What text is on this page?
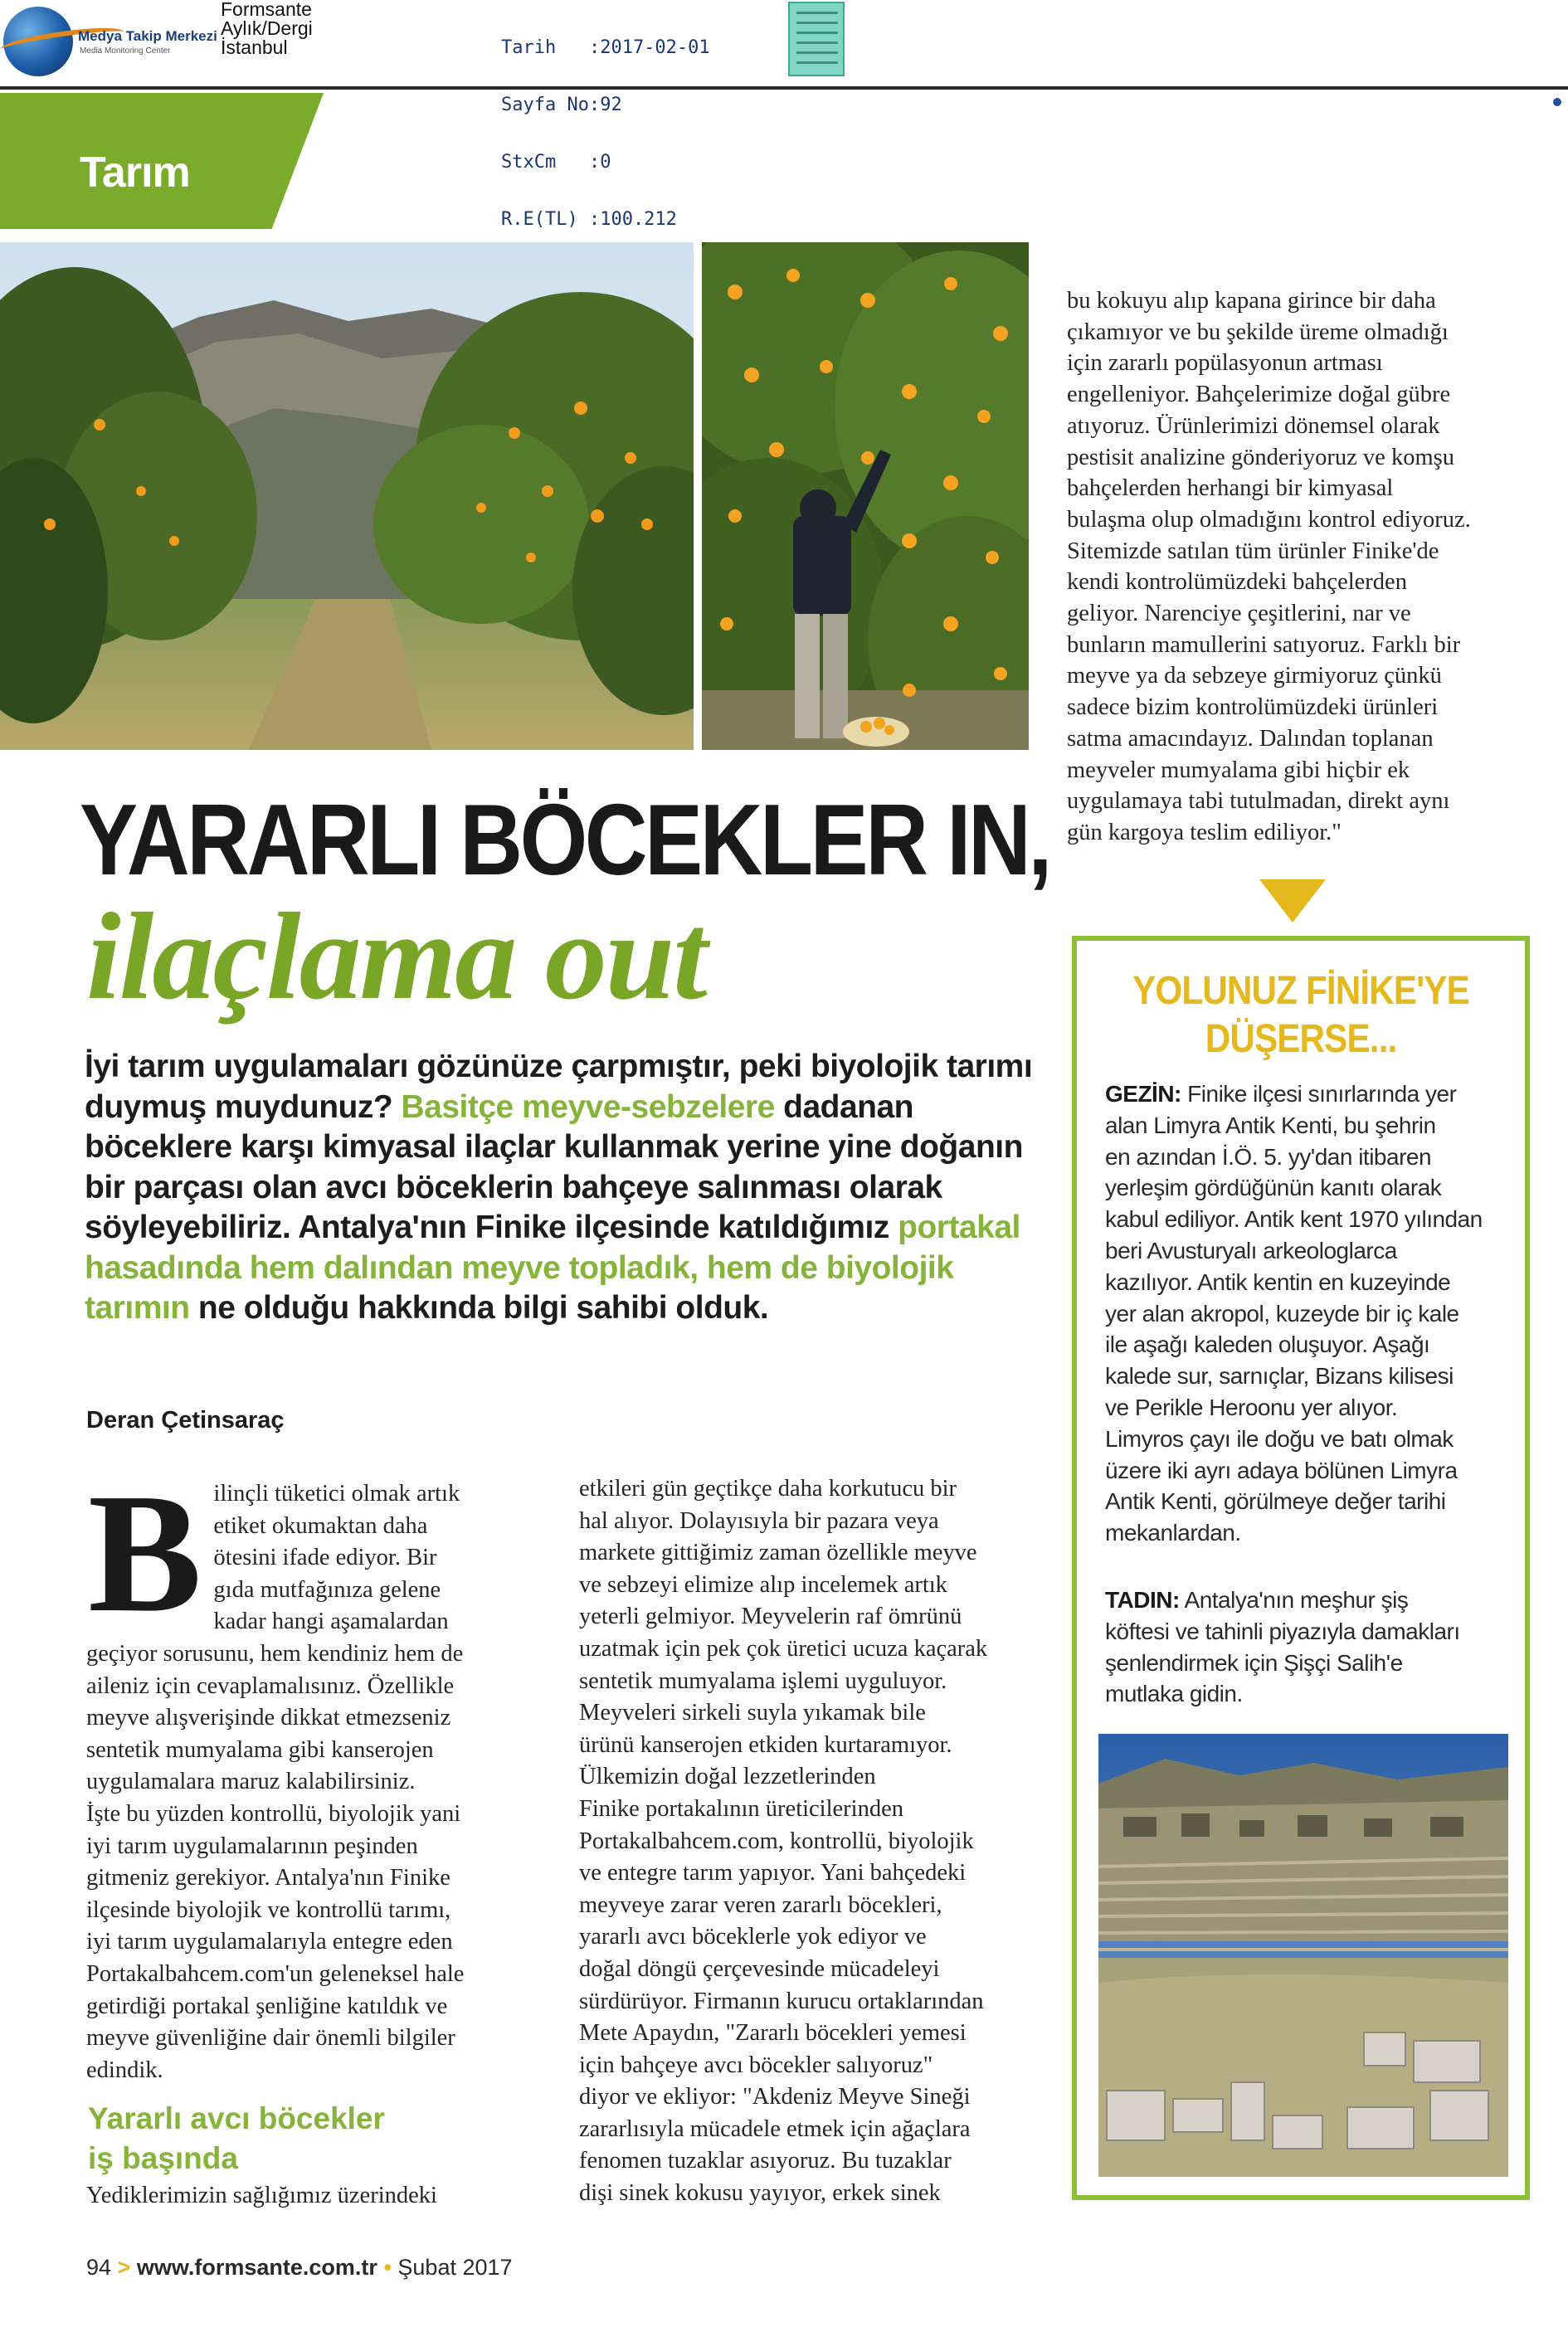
Medya Takip Merkezi
Media Monitoring Center
Formsante
Aylık/Dergi
İstanbul

	Tarih   :2017-02-01

Sayfa No:92

StxCm   :0

R.E(TL) :100.212

Tarım

bu kokuyu alıp kapana girince bir daha

çıkamıyor ve bu şekilde üreme olmadığı

için zararlı popülasyonun artması

engelleniyor. Bahçelerimize doğal gübre

atıyoruz. Ürünlerimizi dönemsel olarak

pestisit analizine gönderiyoruz ve komşu

bahçelerden herhangi bir kimyasal

bulaşma olup olmadığını kontrol ediyoruz.

Sitemizde satılan tüm ürünler Finike'de

kendi kontrolümüzdeki bahçelerden

geliyor. Narenciye çeşitlerini, nar ve

bunların mamullerini satıyoruz. Farklı bir

meyve ya da sebzeye girmiyoruz çünkü

sadece bizim kontrolümüzdeki ürünleri

satma amacındayız. Dalından toplanan

meyveler mumyalama gibi hiçbir ek

uygulamaya tabi tutulmadan, direkt aynı

gün kargoya teslim ediliyor."

YARARLI BÖCEKLER IN,
ilaçlama out
İyi tarım uygulamaları gözünüze çarpmıştır, peki biyolojik tarımı duymuş muydunuz? Basitçe meyve-sebzelere dadanan böceklere karşı kimyasal ilaçlar kullanmak yerine yine doğanın bir parçası olan avcı böceklerin bahçeye salınması olarak söyleyebiliriz. Antalya'nın Finike ilçesinde katıldığımız portakal hasadında hem dalından meyve topladık, hem de biyolojik tarımın ne olduğu hakkında bilgi sahibi olduk.
Deran Çetinsaraç
B ilinçli tüketici olmak artık
etiket okumaktan daha
ötesini ifade ediyor. Bir
gıda mutfağınıza gelene
kadar hangi aşamalardan
geçiyor sorusunu, hem kendiniz hem de
aileniz için cevaplamalısınız. Özellikle
meyve alışverişinde dikkat etmezseniz
sentetik mumyalama gibi kanserojen
uygulamalara maruz kalabilirsiniz.
İşte bu yüzden kontrollü, biyolojik yani
iyi tarım uygulamalarının peşinden
gitmeniz gerekiyor. Antalya'nın Finike
ilçesinde biyolojik ve kontrollü tarımı,
iyi tarım uygulamalarıyla entegre eden
Portakalbahcem.com'un geleneksel hale
getirdiği portakal şenliğine katıldık ve
meyve güvenliğine dair önemli bilgiler
edindik.
Yararlı avcı böcekler
iş başında
Yediklerimizin sağlığımız üzerindeki
etkileri gün geçtikçe daha korkutucu bir
hal alıyor. Dolayısıyla bir pazara veya
markete gittiğimiz zaman özellikle meyve
ve sebzeyi elimize alıp incelemek artık
yeterli gelmiyor. Meyvelerin raf ömrünü
uzatmak için pek çok üretici ucuza kaçarak
sentetik mumyalama işlemi uyguluyor.
Meyveleri sirkeli suyla yıkamak bile
ürünü kanserojen etkiden kurtaramıyor.
Ülkemizin doğal lezzetlerinden
Finike portakalının üreticilerinden
Portakalbahcem.com, kontrollü, biyolojik
ve entegre tarım yapıyor. Yani bahçedeki
meyveye zarar veren zararlı böcekleri,
yararlı avcı böceklerle yok ediyor ve
doğal döngü çerçevesinde mücadeleyi
sürdürüyor. Firmanın kurucu ortaklarından
Mete Apaydın, "Zararlı böcekleri yemesi
için bahçeye avcı böcekler salıyoruz"
diyor ve ekliyor: "Akdeniz Meyve Sineği
zararlısıyla mücadele etmek için ağaçlara
fenomen tuzaklar asıyoruz. Bu tuzaklar
dişi sinek kokusu yayıyor, erkek sinek
YOLUNUZ FİNİKE'YE
DÜŞERSE...
GEZİN: Finike ilçesi sınırlarında yer
alan Limyra Antik Kenti, bu şehrin
en azından İ.Ö. 5. yy'dan itibaren
yerleşim gördüğünün kanıtı olarak
kabul ediliyor. Antik kent 1970 yılından
beri Avusturyalı arkeologlarca
kazılıyor. Antik kentin en kuzeyinde
yer alan akropol, kuzeyde bir iç kale
ile aşağı kaleden oluşuyor. Aşağı
kalede sur, sarnıçlar, Bizans kilisesi
ve Perikle Heroonu yer alıyor.
Limyros çayı ile doğu ve batı olmak
üzere iki ayrı adaya bölünen Limyra
Antik Kenti, görülmeye değer tarihi
mekanlardan.
TADIN: Antalya'nın meşhur şiş
köftesi ve tahinli piyazıyla damakları
şenlendirmek için Şişçi Salih'e
mutlaka gidin.
94 > www.formsante.com.tr • Şubat 2017
